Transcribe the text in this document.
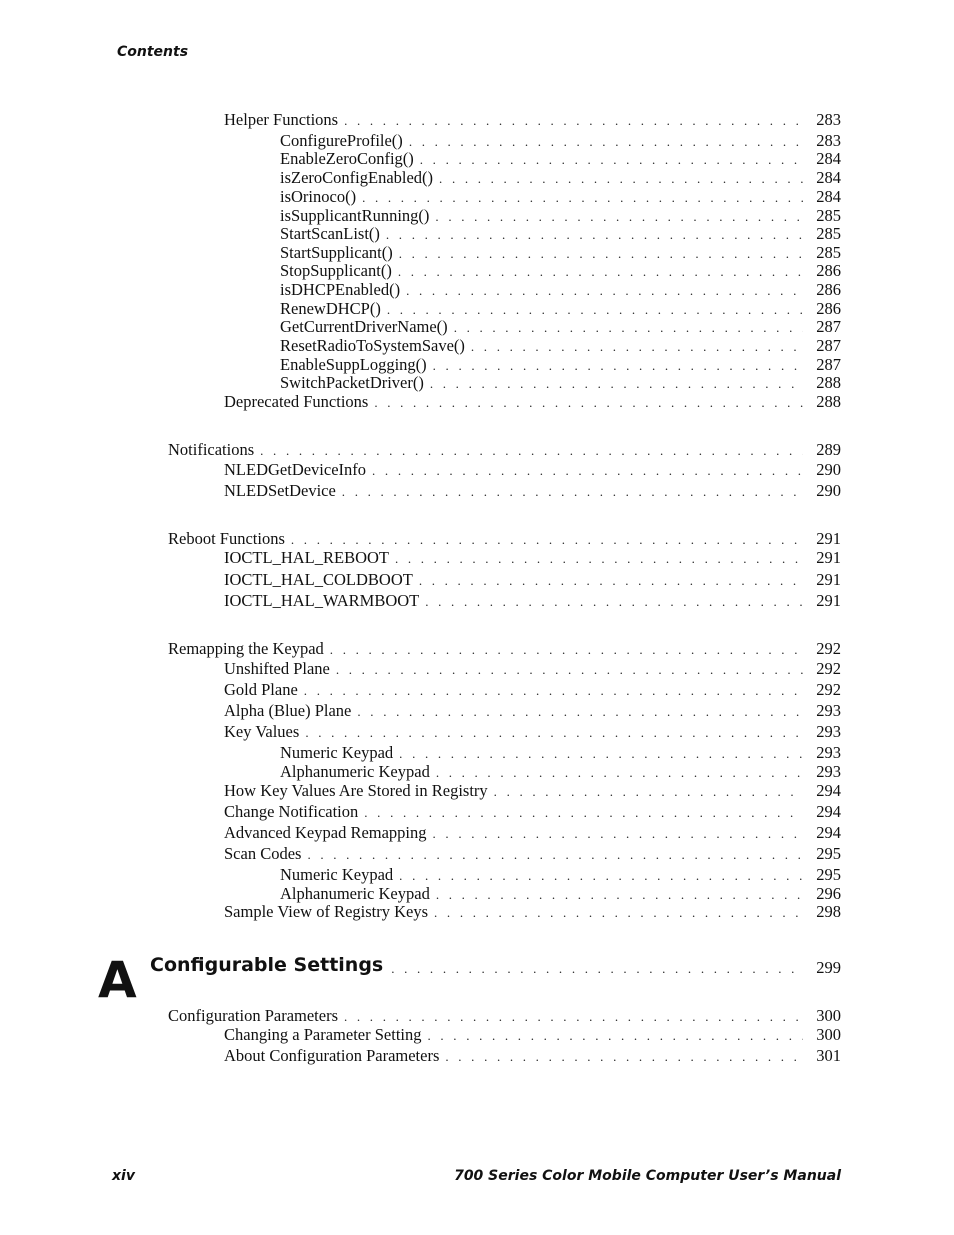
Contents
Helper Functions . . .	283
ConfigureProfile() . . .	283
EnableZeroConfig() . . .	284
isZeroConfigEnabled() . . .	284
isOrinoco() . . .	284
isSupplicantRunning() . . .	285
StartScanList() . . .	285
StartSupplicant() . . .	285
StopSupplicant() . . .	286
isDHCPEnabled() . . .	286
RenewDHCP() . . .	286
GetCurrentDriverName() . . .	287
ResetRadioToSystemSave() . . .	287
EnableSuppLogging() . . .	287
SwitchPacketDriver() . . .	288
Deprecated Functions . . .	288
Notifications . . .	289
NLEDGetDeviceInfo . . .	290
NLEDSetDevice . . .	290
Reboot Functions . . .	291
IOCTL_HAL_REBOOT . . .	291
IOCTL_HAL_COLDBOOT . . .	291
IOCTL_HAL_WARMBOOT . . .	291
Remapping the Keypad . . .	292
Unshifted Plane . . .	292
Gold Plane . . .	292
Alpha (Blue) Plane . . .	293
Key Values . . .	293
Numeric Keypad . . .	293
Alphanumeric Keypad . . .	293
How Key Values Are Stored in Registry . . .	294
Change Notification . . .	294
Advanced Keypad Remapping . . .	294
Scan Codes . . .	295
Numeric Keypad . . .	295
Alphanumeric Keypad . . .	296
Sample View of Registry Keys . . .	298
A Configurable Settings . . .	299
Configuration Parameters . . .	300
Changing a Parameter Setting . . .	300
About Configuration Parameters . . .	301
xiv	700 Series Color Mobile Computer User’s Manual
